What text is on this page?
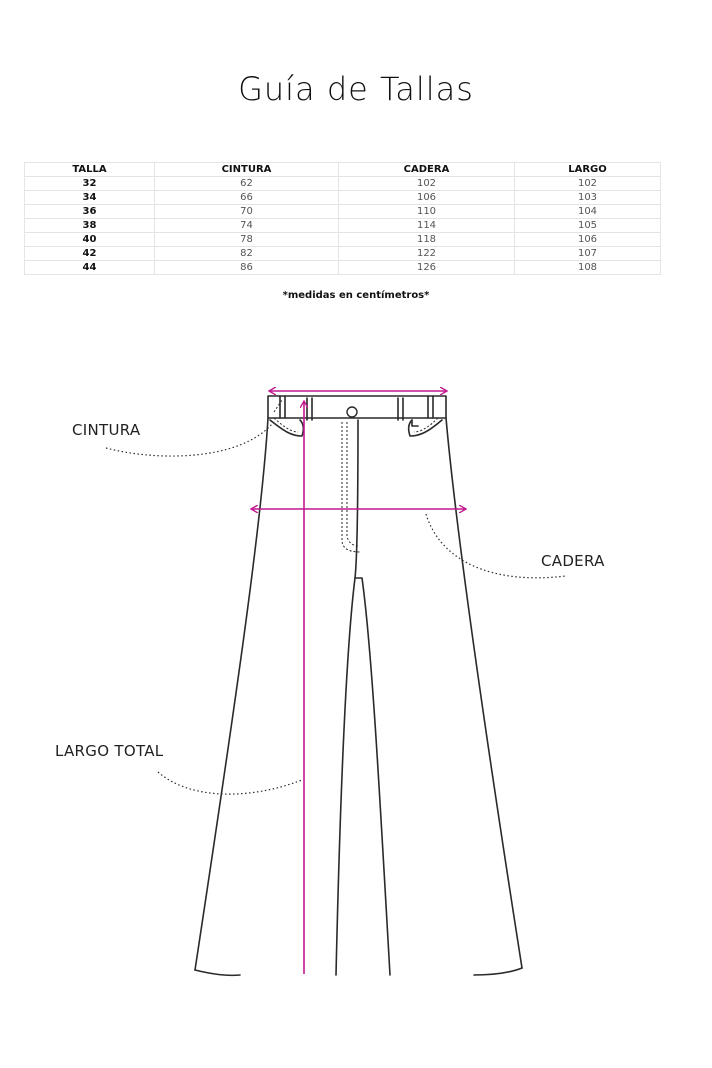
Guía de Tallas
TALLA	CINTURA	CADERA	LARGO
32	62	102	102
34	66	106	103
36	70	110	104
38	74	114	105
40	78	118	106
42	82	122	107
44	86	126	108
*medidas en centímetros*
CINTURA
CADERA
LARGO TOTAL
